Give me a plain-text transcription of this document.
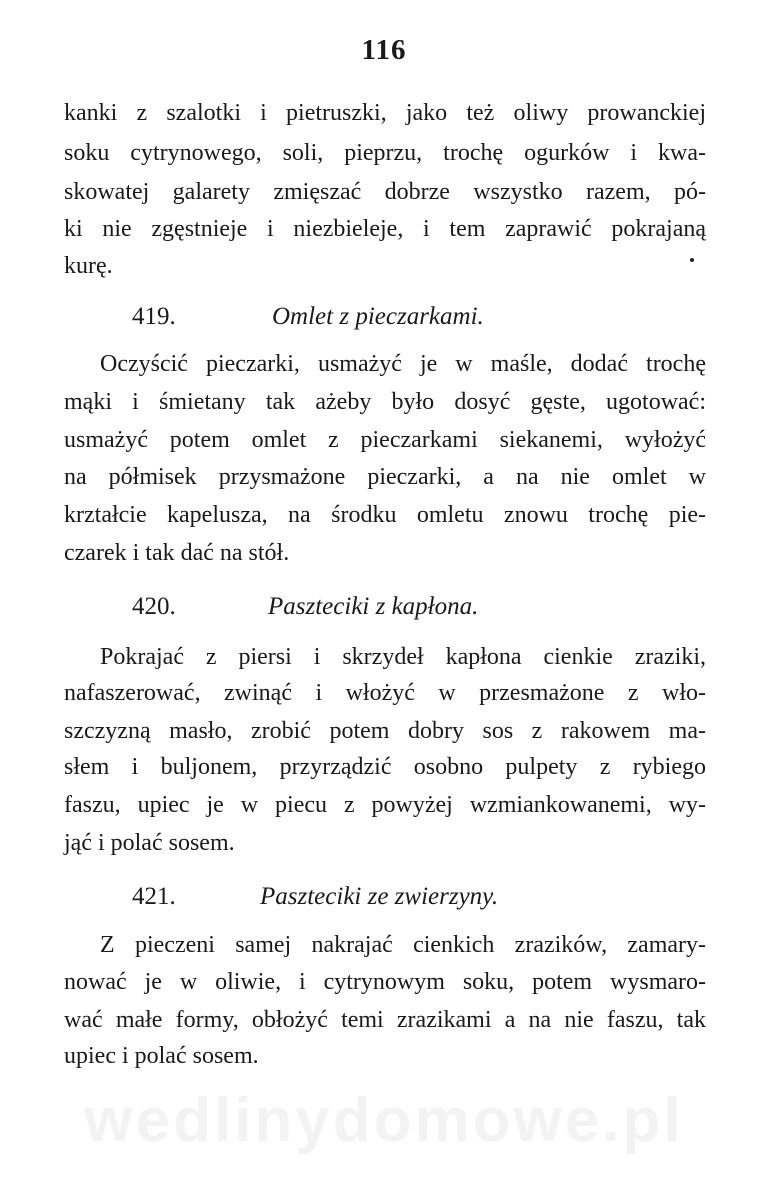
116
kanki z szalotki i pietruszki, jako też oliwy prowanckiej
soku cytrynowego, soli, pieprzu, trochę ogurków i kwa-
skowatej galarety zmięszać dobrze wszystko razem, pó-
ki nie zgęstnieje i niezbieleje, i tem zaprawić pokrajaną
kurę.
419.	Omlet z pieczarkami.
Oczyścić pieczarki, usmażyć je w maśle, dodać trochę
mąki i śmietany tak ażeby było dosyć gęste, ugotować:
usmażyć potem omlet z pieczarkami siekanemi, wyłożyć
na półmisek przysmażone pieczarki, a na nie omlet w
krztałcie kapelusza, na środku omletu znowu trochę pie-
czarek i tak dać na stół.
420.	Paszteciki z kapłona.
Pokrajać z piersi i skrzydeł kapłona cienkie zraziki,
nafaszerować, zwinąć i włożyć w przesmażone z wło-
szczyzną masło, zrobić potem dobry sos z rakowem ma-
słem i buljonem, przyrządzić osobno pulpety z rybiego
faszu, upiec je w piecu z powyżej wzmiankowanemi, wy-
jąć i polać sosem.
421.	Paszteciki ze zwierzyny.
Z pieczeni samej nakrajać cienkich zrazików, zamary-
nować je w oliwie, i cytrynowym soku, potem wysmaro-
wać małe formy, obłożyć temi zrazikami a na nie faszu, tak
upiec i polać sosem.
wedlinydomowe.pl
